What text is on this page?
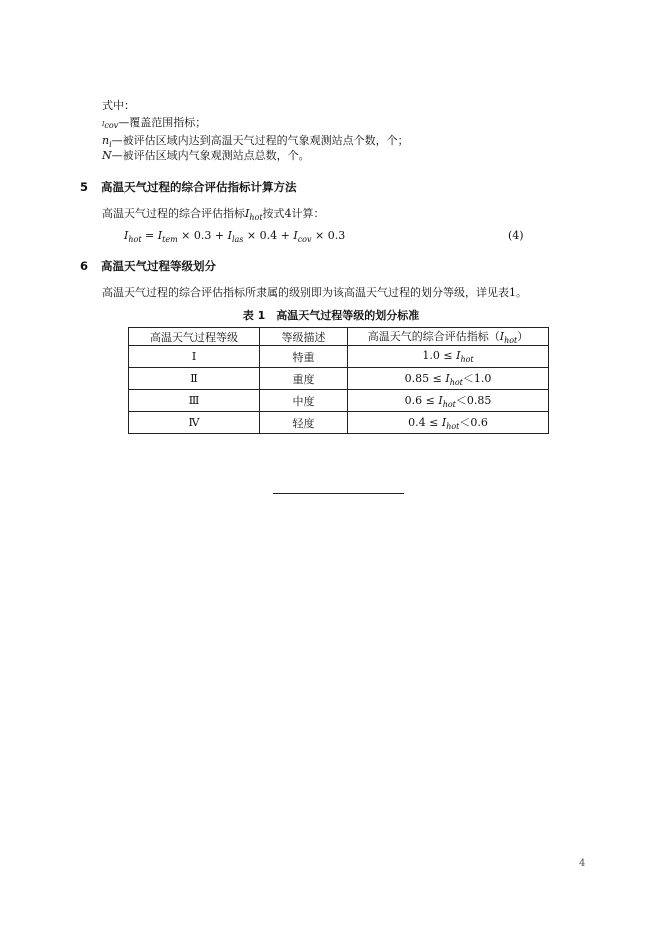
式中：
$I_{cov}—$覆盖范围指标；
$n_i—$被评估区域内达到高温天气过程的气象观测站点个数，个；
N—被评估区域内气象观测站点总数，个。
5 高温天气过程的综合评估指标计算方法
高温天气过程的综合评估指标$I_{hot}$按式4计算：
$I_{hot} = I_{tem} \times 0.3 + I_{las} \times 0.4 + I_{cov} \times 0.3$	(4)
6 高温天气过程等级划分
高温天气过程的综合评估指标所隶属的级别即为该高温天气过程的划分等级，详见表1。
表 1　高温天气过程等级的划分标准
高温天气过程等级	等级描述	高温天气的综合评估指标$(I_{hot})$
Ⅰ	特重	$1.0 \le I_{hot}$
Ⅱ	重度	$0.85 \le I_{hot}<1.0$
Ⅲ	中度	$0.6 \le I_{hot}<0.85$
Ⅳ	轻度	$0.4 \le I_{hot}<0.6$
4
